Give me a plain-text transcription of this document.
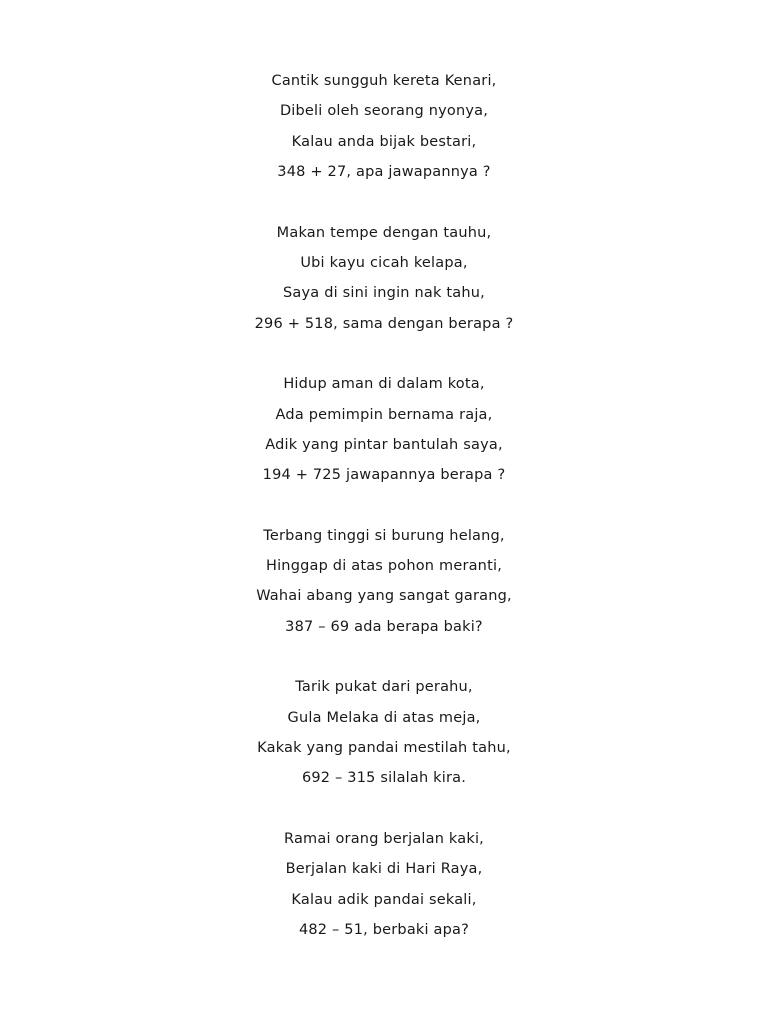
Cantik sungguh kereta Kenari,
Dibeli oleh seorang nyonya,
Kalau anda bijak bestari,
348 + 27, apa jawapannya ?
Makan tempe dengan tauhu,
Ubi kayu cicah kelapa,
Saya di sini ingin nak tahu,
296 + 518, sama dengan berapa ?
Hidup aman di dalam kota,
Ada pemimpin bernama raja,
Adik yang pintar bantulah saya,
194 + 725 jawapannya berapa ?
Terbang tinggi si burung helang,
Hinggap di atas pohon meranti,
Wahai abang yang sangat garang,
387 – 69 ada berapa baki?
Tarik pukat dari perahu,
Gula Melaka di atas meja,
Kakak yang pandai mestilah tahu,
692 – 315 silalah kira.
Ramai orang berjalan kaki,
Berjalan kaki di Hari Raya,
Kalau adik pandai sekali,
482 – 51, berbaki apa?
